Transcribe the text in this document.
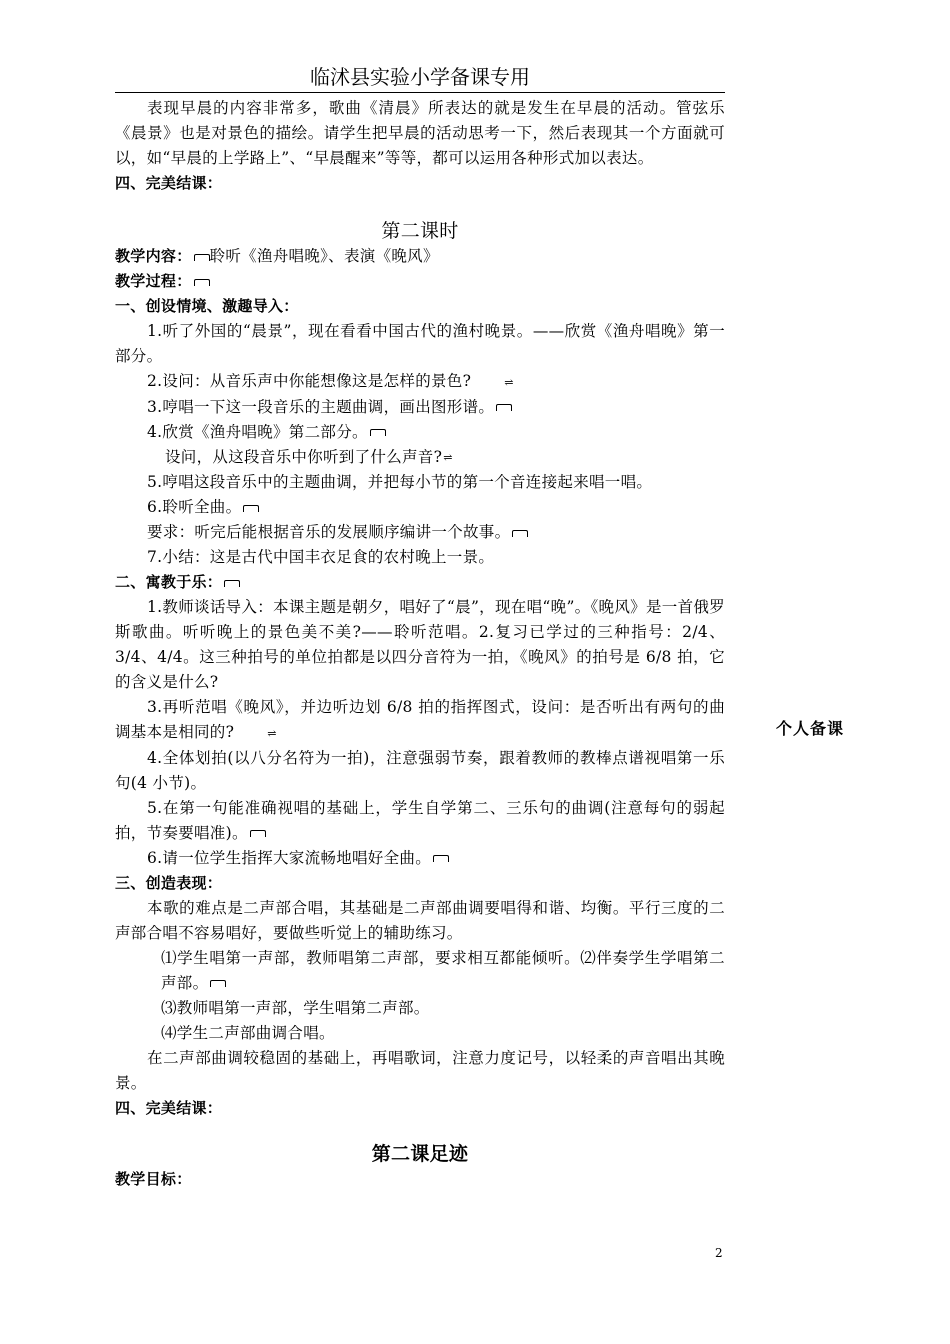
临沭县实验小学备课专用

表现早晨的内容非常多，歌曲《清晨》所表达的就是发生在早晨的活动。管弦乐《晨景》也是对景色的描绘。请学生把早晨的活动思考一下，然后表现其一个方面就可以，如“早晨的上学路上”、“早晨醒来”等等，都可以运用各种形式加以表达。

四、完美结课：

第二课时

教学内容： 聆听《渔舟唱晚》、表演《晚风》

教学过程：

一、创设情境、激趣导入：

1.听了外国的“晨景”，现在看看中国古代的渔村晚景。——欣赏《渔舟唱晚》第一部分。

2.设问：从音乐声中你能想像这是怎样的景色?	⇌

3.哼唱一下这一段音乐的主题曲调，画出图形谱。

4.欣赏《渔舟唱晚》第二部分。

设问，从这段音乐中你听到了什么声音?⇌

5.哼唱这段音乐中的主题曲调，并把每小节的第一个音连接起来唱一唱。

6.聆听全曲。

要求：听完后能根据音乐的发展顺序编讲一个故事。

7.小结：这是古代中国丰衣足食的农村晚上一景。

二、寓教于乐：

1.教师谈话导入：本课主题是朝夕，唱好了“晨”，现在唱“晚”。《晚风》是一首俄罗斯歌曲。听听晚上的景色美不美?——聆听范唱。2.复习已学过的三种指号：2/4、3/4、4/4。这三种拍号的单位拍都是以四分音符为一拍，《晚风》的拍号是 6/8 拍，它的含义是什么?

3.再听范唱《晚风》，并边听边划 6/8 拍的指挥图式，设问：是否听出有两句的曲调基本是相同的?	⇌

4.全体划拍(以八分名符为一拍)，注意强弱节奏，跟着教师的教棒点谱视唱第一乐句(4 小节)。

5.在第一句能准确视唱的基础上，学生自学第二、三乐句的曲调(注意每句的弱起拍，节奏要唱准)。

6.请一位学生指挥大家流畅地唱好全曲。

三、创造表现：

本歌的难点是二声部合唱，其基础是二声部曲调要唱得和谐、均衡。平行三度的二声部合唱不容易唱好，要做些听觉上的辅助练习。

⑴学生唱第一声部，教师唱第二声部，要求相互都能倾听。⑵伴奏学生学唱第二声部。

⑶教师唱第一声部，学生唱第二声部。

⑷学生二声部曲调合唱。

在二声部曲调较稳固的基础上，再唱歌词，注意力度记号，以轻柔的声音唱出其晚景。

四、完美结课：

第二课足迹

教学目标：

个人备课
2
